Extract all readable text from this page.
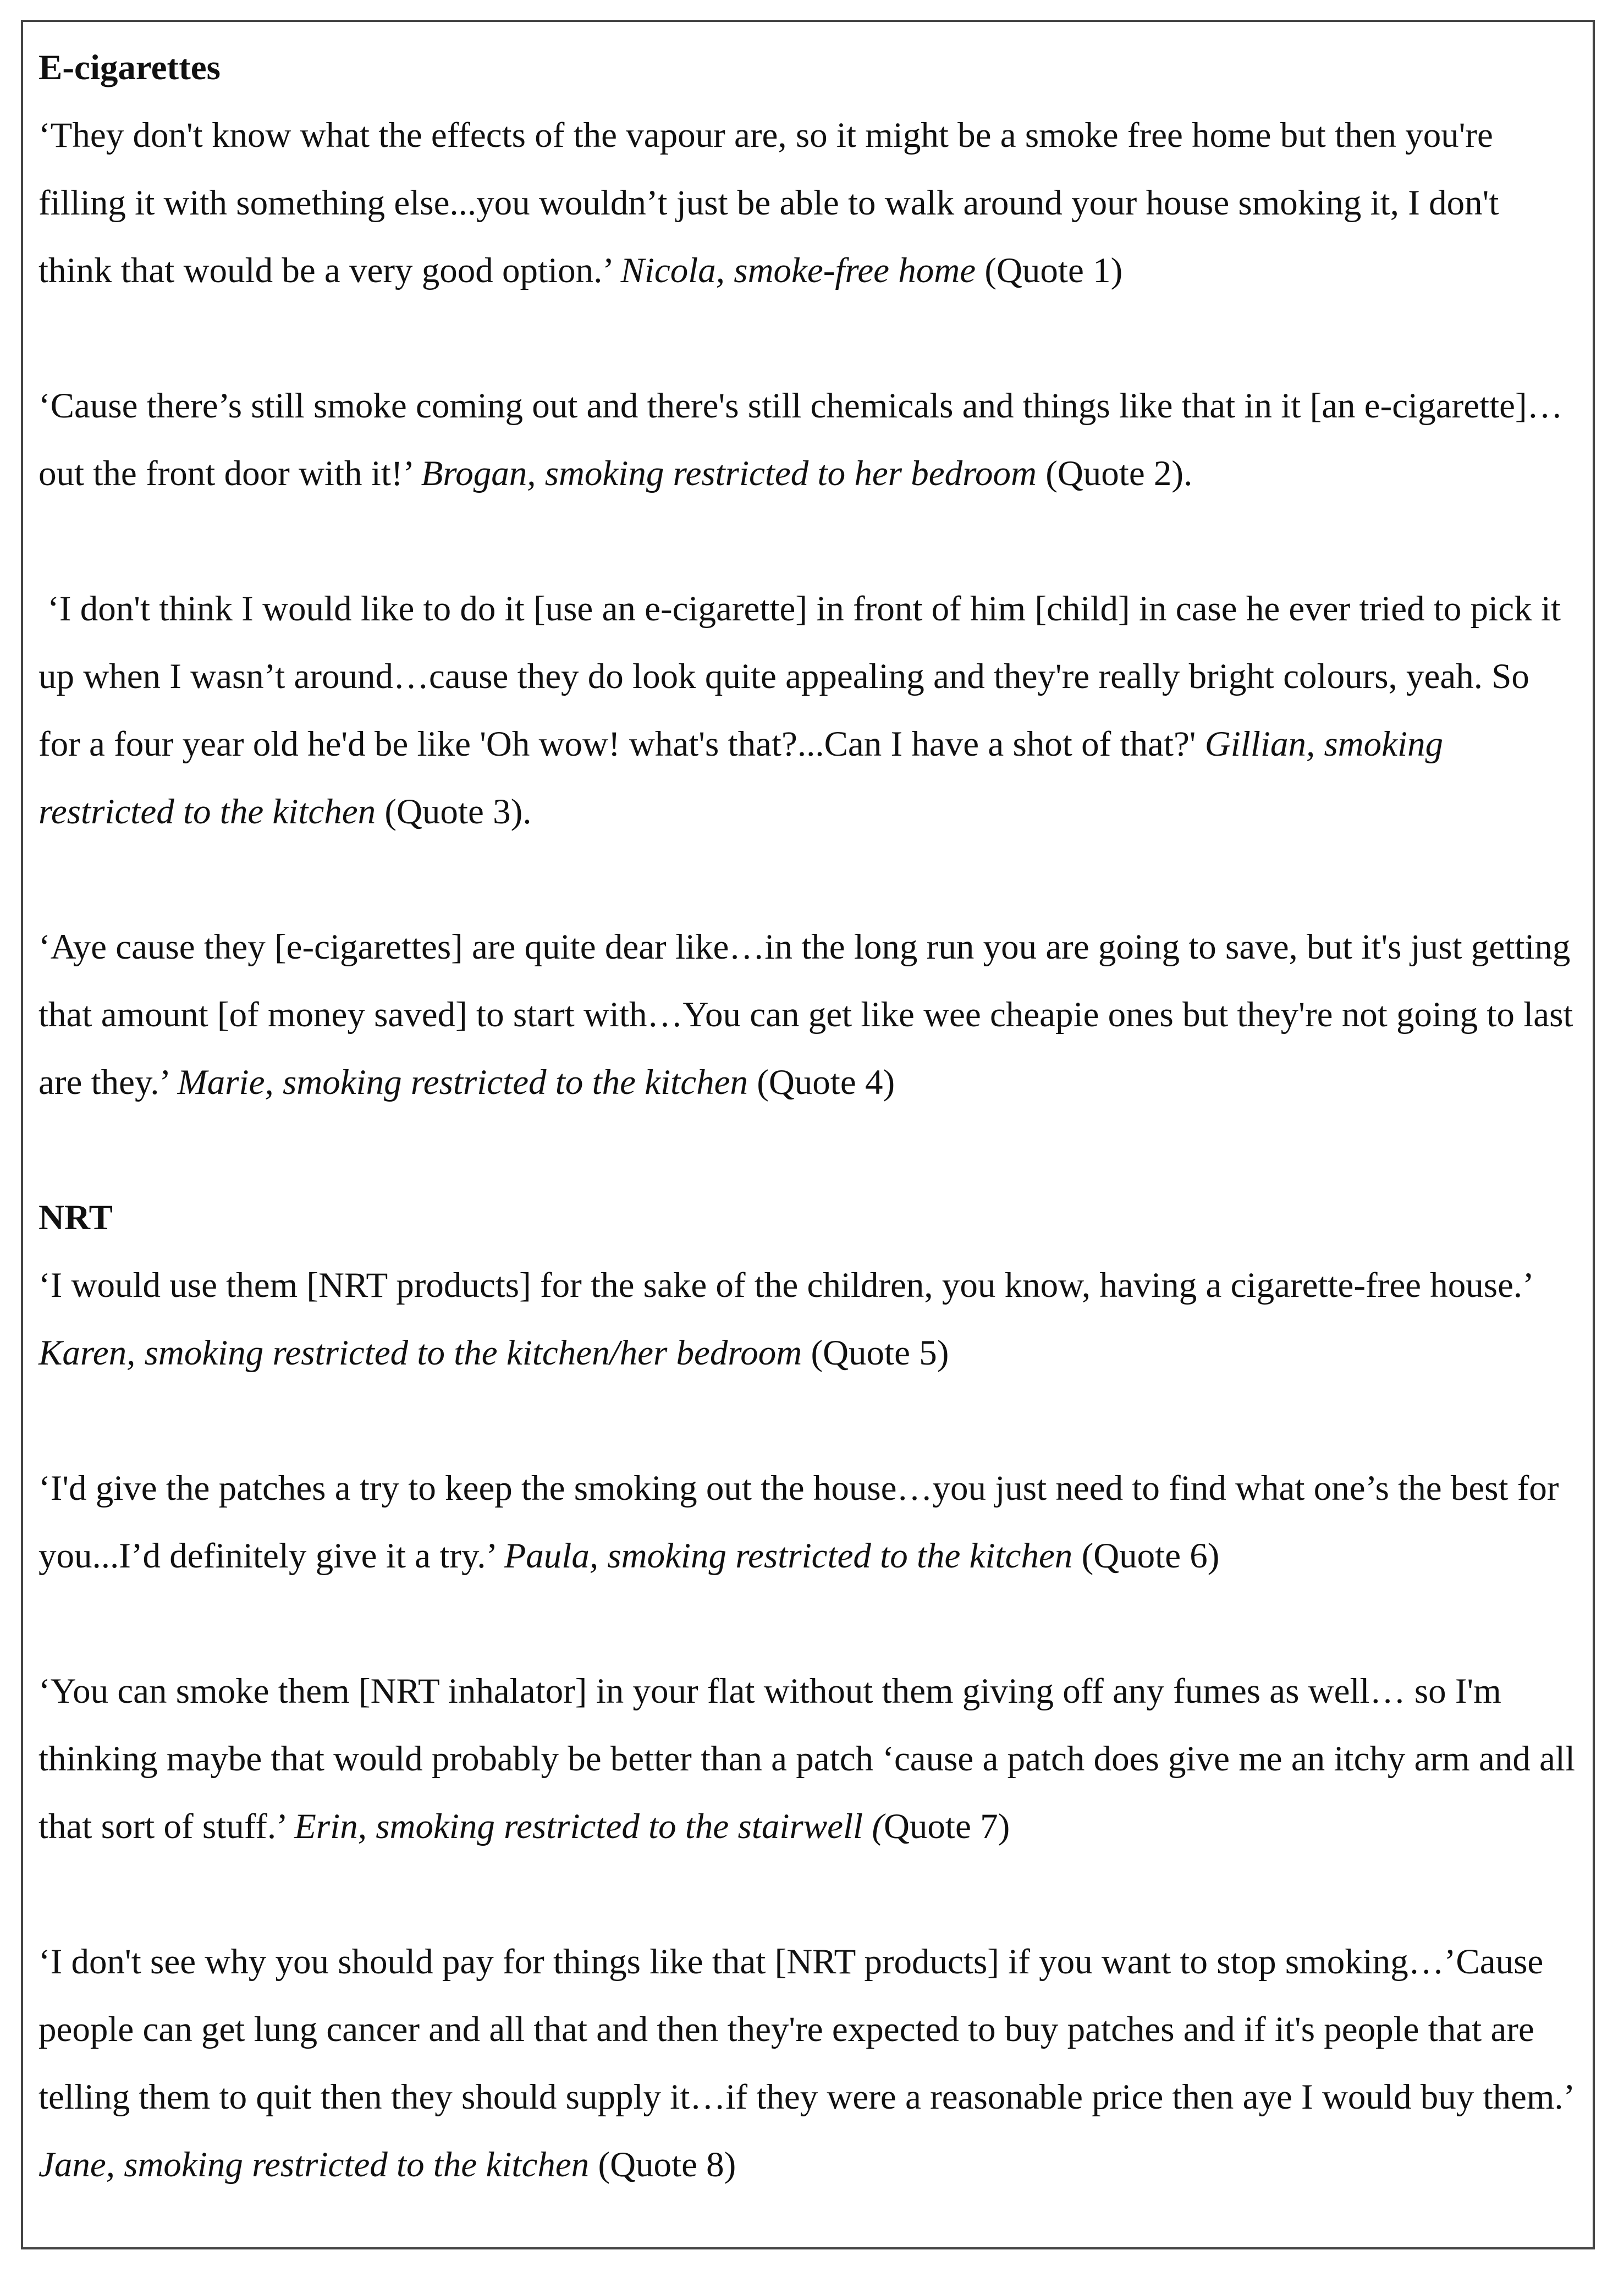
E-cigarettes

‘They don't know what the effects of the vapour are, so it might be a smoke free home but then you're filling it with something else...you wouldn’t just be able to walk around your house smoking it, I don't think that would be a very good option.’ Nicola, smoke-free home (Quote 1)

‘Cause there’s still smoke coming out and there's still chemicals and things like that in it [an e-cigarette]…out the front door with it!’ Brogan, smoking restricted to her bedroom (Quote 2).

‘I don't think I would like to do it [use an e-cigarette] in front of him [child] in case he ever tried to pick it up when I wasn’t around…cause they do look quite appealing and they're really bright colours, yeah. So for a four year old he'd be like 'Oh wow! what's that?...Can I have a shot of that?' Gillian, smoking restricted to the kitchen (Quote 3).

‘Aye cause they [e-cigarettes] are quite dear like…in the long run you are going to save, but it's just getting that amount [of money saved] to start with…You can get like wee cheapie ones but they're not going to last are they.’ Marie, smoking restricted to the kitchen (Quote 4)

NRT

‘I would use them [NRT products] for the sake of the children, you know, having a cigarette-free house.’ Karen, smoking restricted to the kitchen/her bedroom (Quote 5)

‘I'd give the patches a try to keep the smoking out the house…you just need to find what one’s the best for you...I’d definitely give it a try.’ Paula, smoking restricted to the kitchen (Quote 6)

‘You can smoke them [NRT inhalator] in your flat without them giving off any fumes as well… so I'm thinking maybe that would probably be better than a patch ‘cause a patch does give me an itchy arm and all that sort of stuff.’ Erin, smoking restricted to the stairwell (Quote 7)

‘I don't see why you should pay for things like that [NRT products] if you want to stop smoking…’Cause people can get lung cancer and all that and then they're expected to buy patches and if it's people that are telling them to quit then they should supply it…if they were a reasonable price then aye I would buy them.’ Jane, smoking restricted to the kitchen (Quote 8)
